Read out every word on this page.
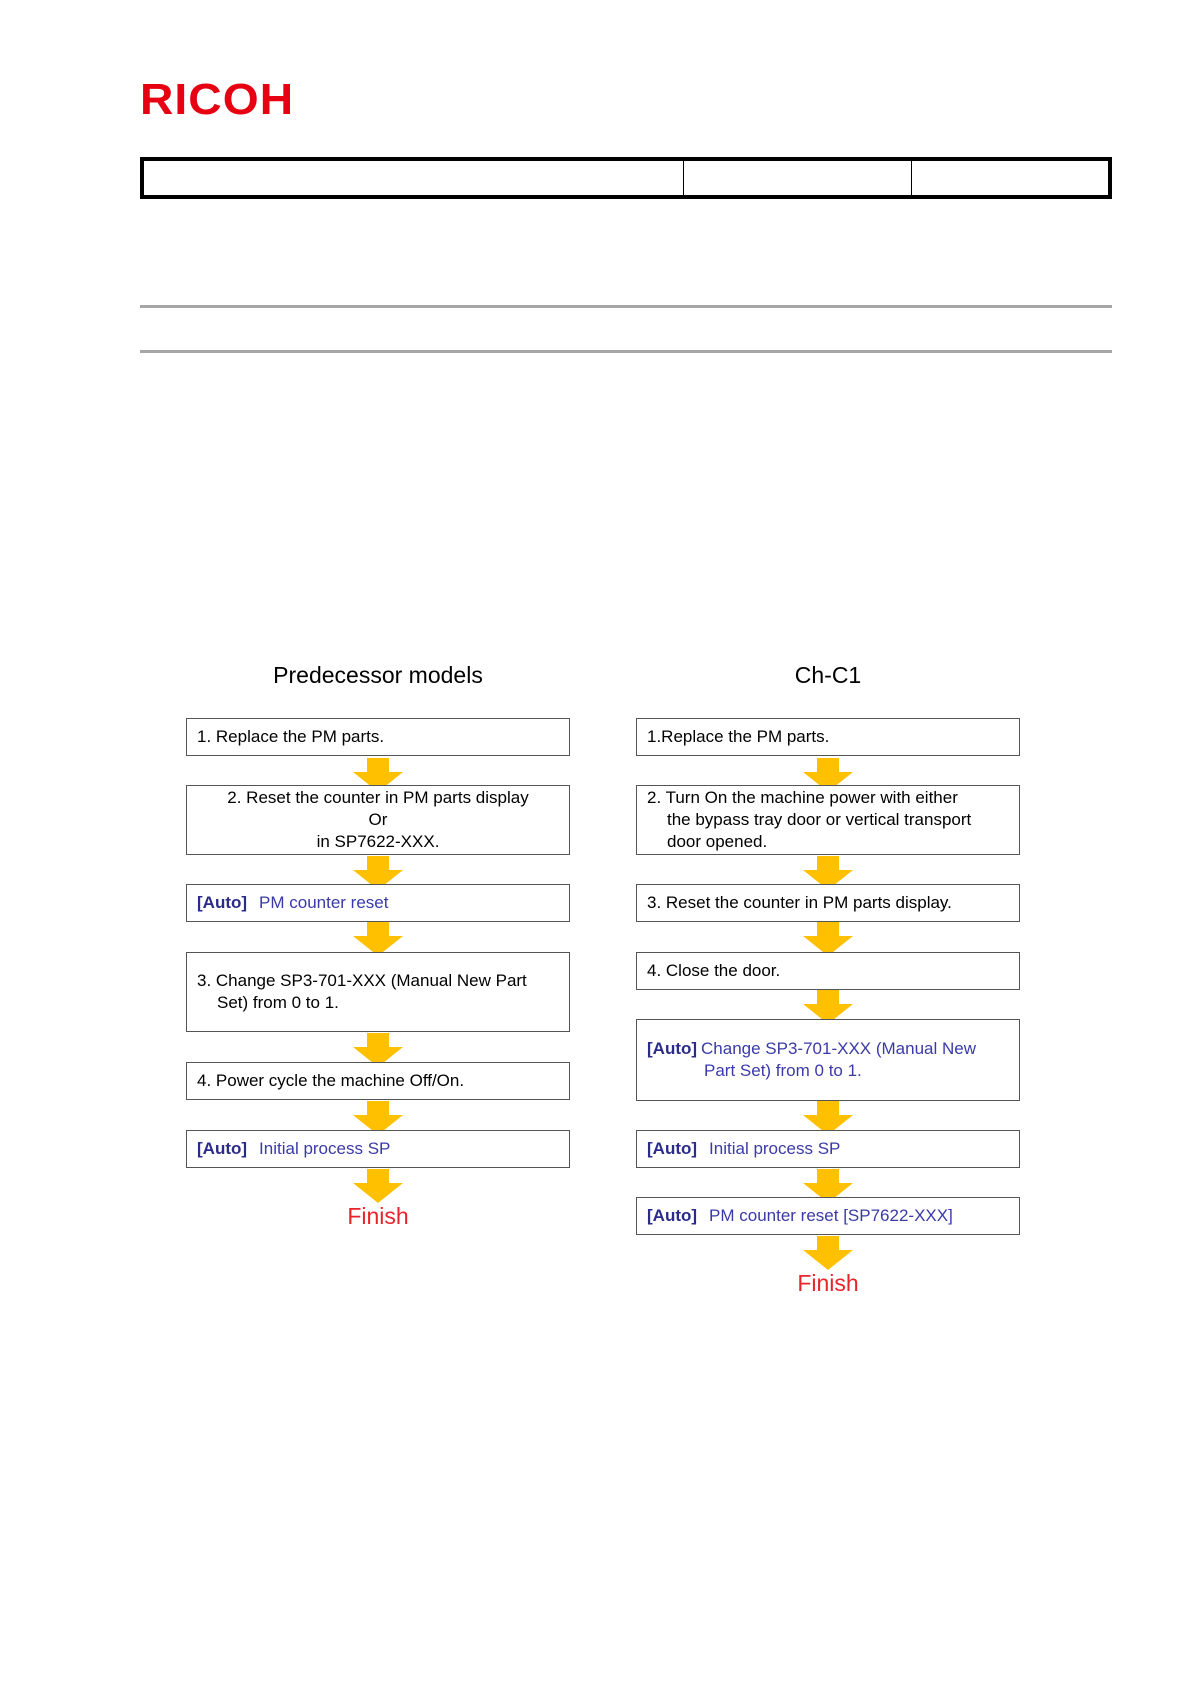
RICOH
Predecessor models
1. Replace the PM parts.
2. Reset the counter in PM parts display
Or
in SP7622-XXX.
[Auto] PM counter reset
3. Change SP3-701-XXX (Manual New Part
Set) from 0 to 1.
4. Power cycle the machine Off/On.
[Auto] Initial process SP
Finish
Ch-C1
1.Replace the PM parts.
2. Turn On the machine power with either
the bypass tray door or vertical transport
door opened.
3. Reset the counter in PM parts display.
4. Close the door.
[Auto] Change SP3-701-XXX (Manual New
Part Set) from 0 to 1.
[Auto] Initial process SP
[Auto] PM counter reset [SP7622-XXX]
Finish
